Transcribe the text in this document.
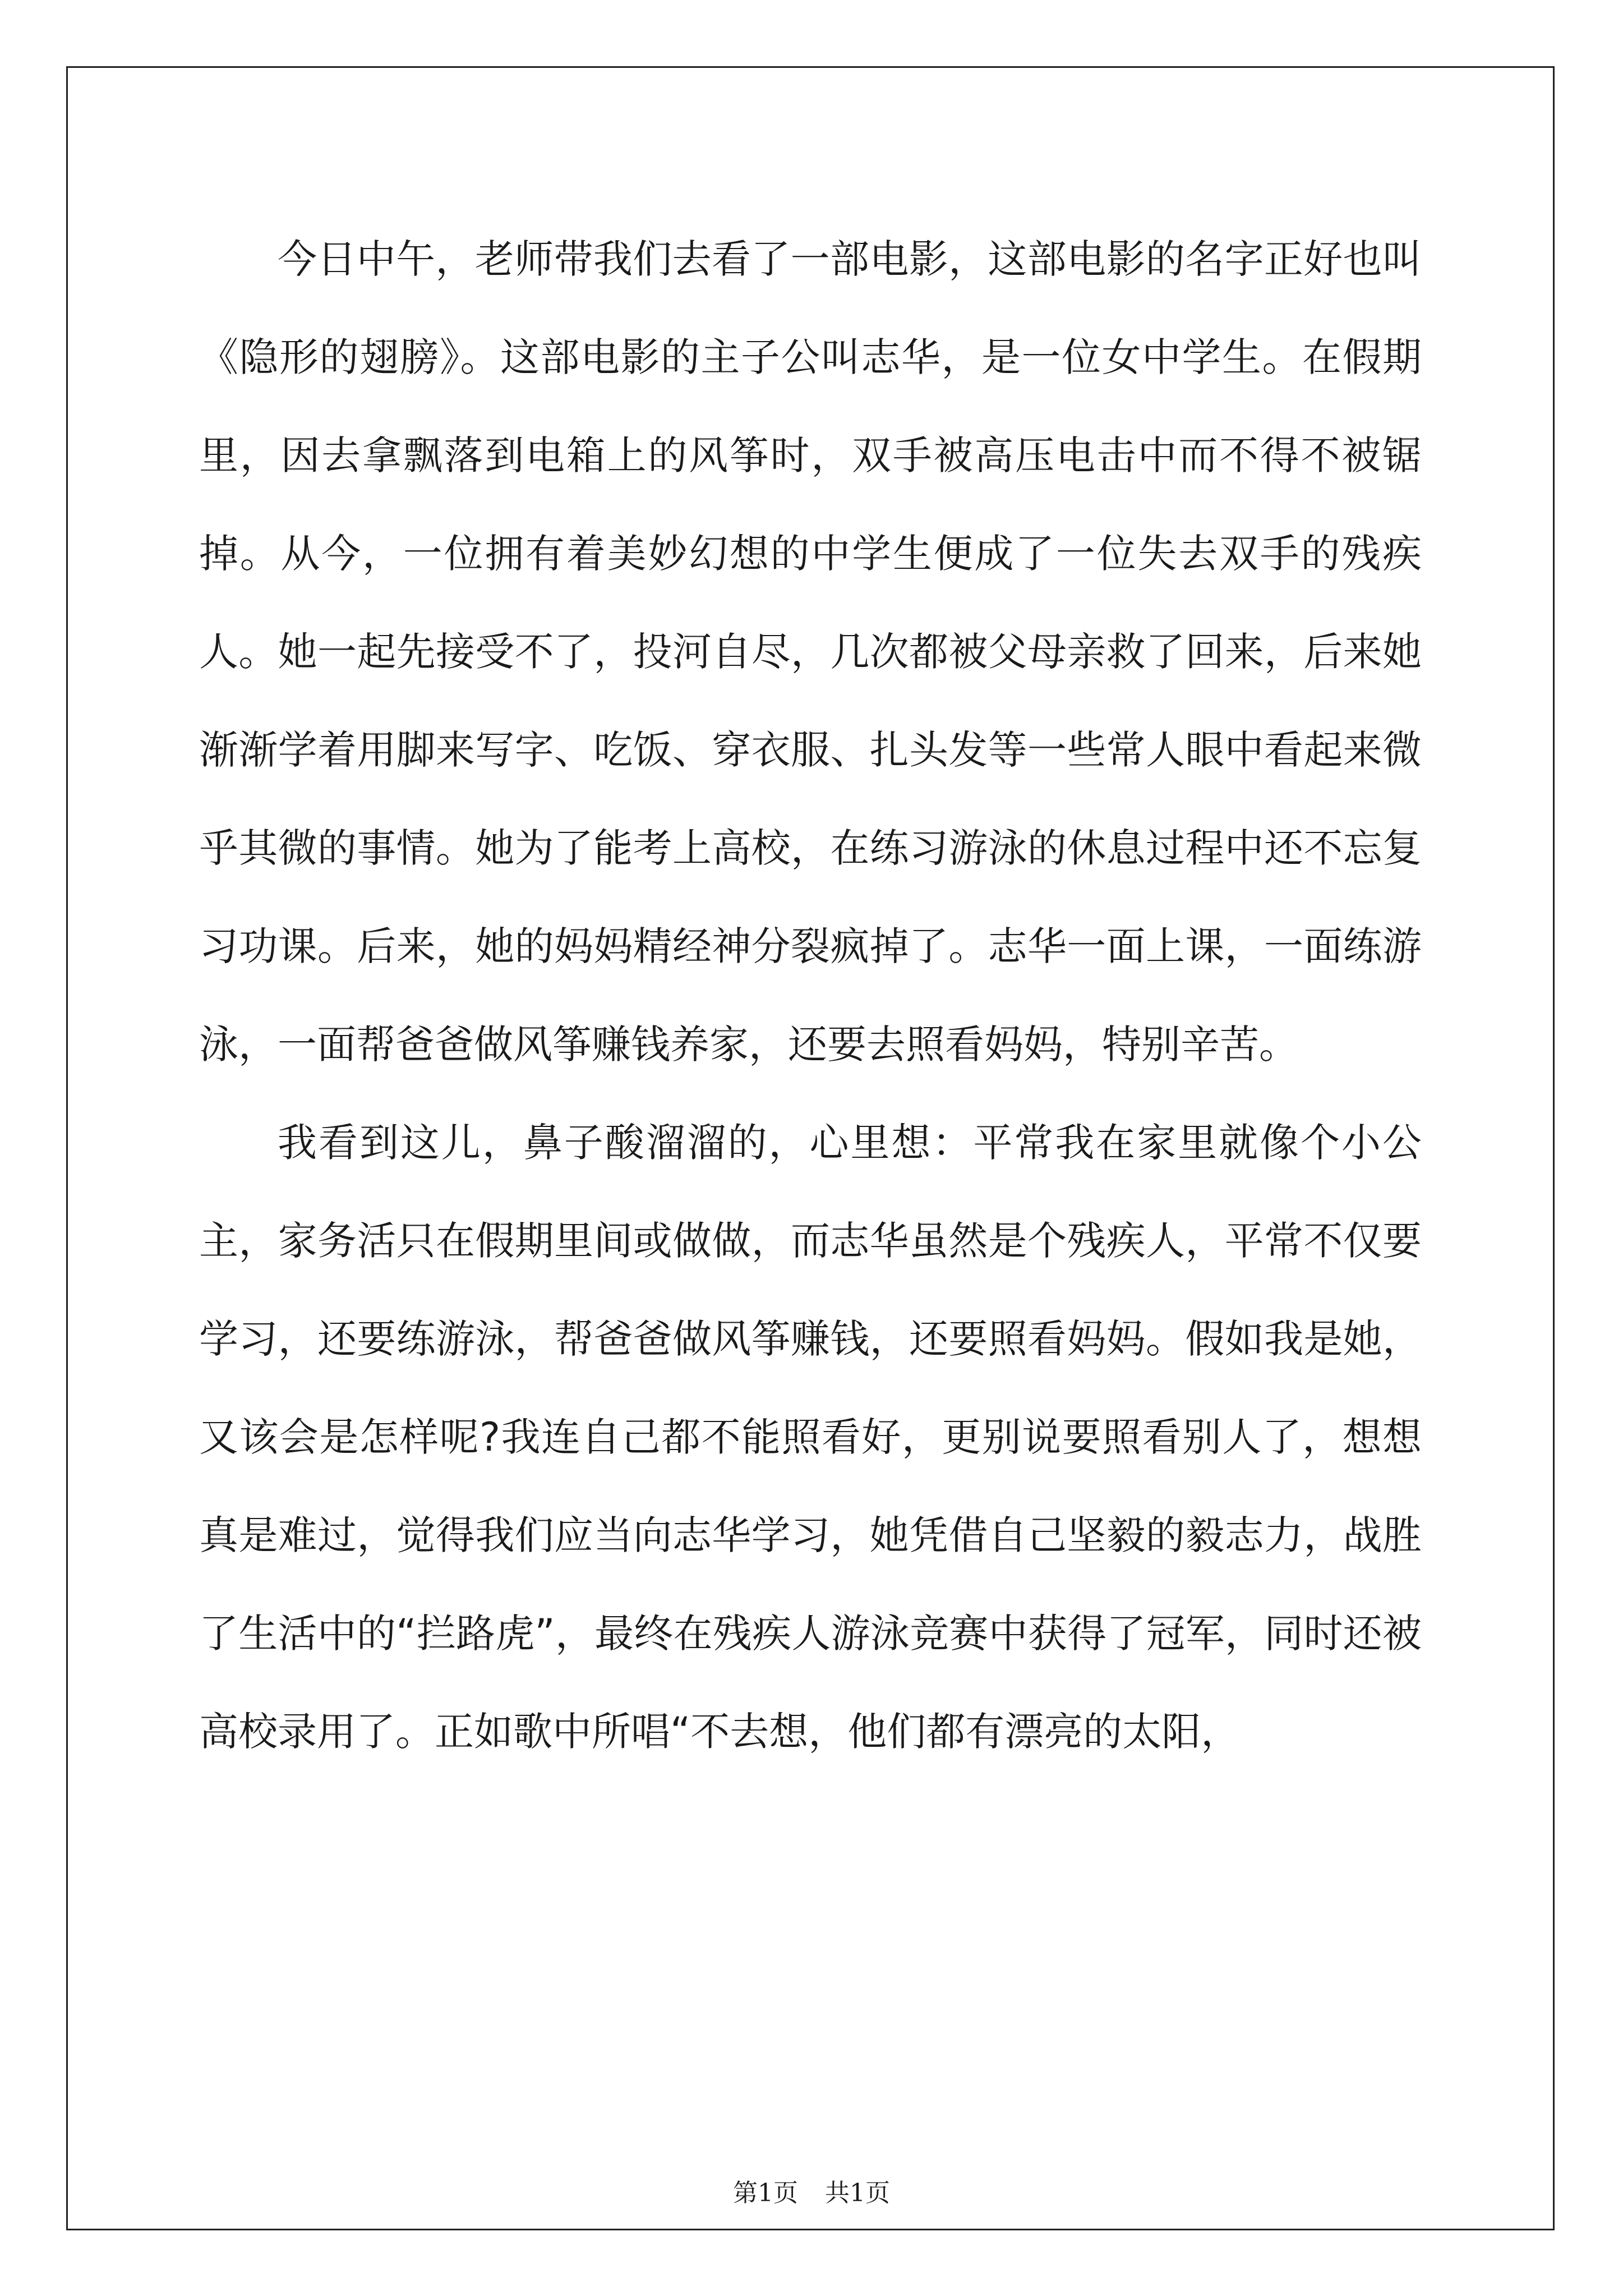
今日中午，老师带我们去看了一部电影，这部电影的名字正好也叫《隐形的翅膀》。这部电影的主子公叫志华，是一位女中学生。在假期里，因去拿飘落到电箱上的风筝时，双手被高压电击中而不得不被锯掉。从今，一位拥有着美妙幻想的中学生便成了一位失去双手的残疾人。她一起先接受不了，投河自尽，几次都被父母亲救了回来，后来她渐渐学着用脚来写字、吃饭、穿衣服、扎头发等一些常人眼中看起来微乎其微的事情。她为了能考上高校，在练习游泳的休息过程中还不忘复习功课。后来，她的妈妈精经神分裂疯掉了。志华一面上课，一面练游泳，一面帮爸爸做风筝赚钱养家，还要去照看妈妈，特别辛苦。

我看到这儿，鼻子酸溜溜的，心里想：平常我在家里就像个小公主，家务活只在假期里间或做做，而志华虽然是个残疾人，平常不仅要学习，还要练游泳，帮爸爸做风筝赚钱，还要照看妈妈。假如我是她，又该会是怎样呢?我连自己都不能照看好，更别说要照看别人了，想想真是难过，觉得我们应当向志华学习，她凭借自己坚毅的毅志力，战胜了生活中的“拦路虎”，最终在残疾人游泳竞赛中获得了冠军，同时还被高校录用了。正如歌中所唱“不去想，他们都有漂亮的太阳，

第1页 共1页
